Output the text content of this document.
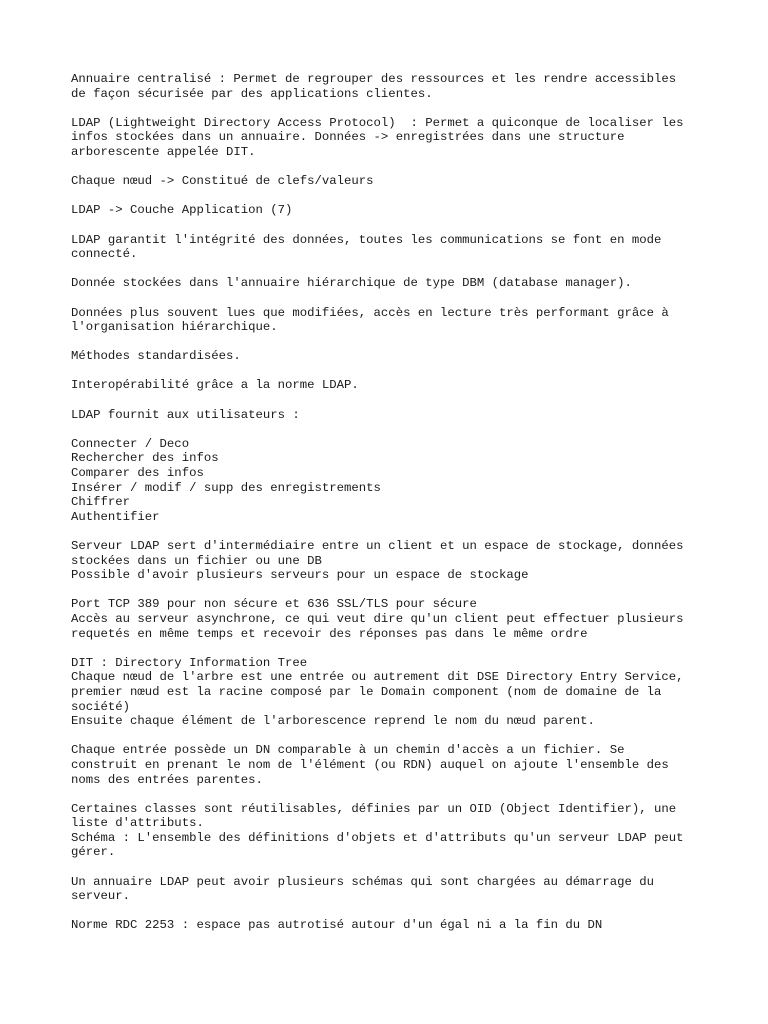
Annuaire centralisé : Permet de regrouper des ressources et les rendre accessibles
de façon sécurisée par des applications clientes.
LDAP (Lightweight Directory Access Protocol)  : Permet a quiconque de localiser les
infos stockées dans un annuaire. Données -> enregistrées dans une structure
arborescente appelée DIT.
Chaque nœud -> Constitué de clefs/valeurs
LDAP -> Couche Application (7)
LDAP garantit l'intégrité des données, toutes les communications se font en mode
connecté.
Donnée stockées dans l'annuaire hiérarchique de type DBM (database manager).
Données plus souvent lues que modifiées, accès en lecture très performant grâce à
l'organisation hiérarchique.
Méthodes standardisées.
Interopérabilité grâce a la norme LDAP.
LDAP fournit aux utilisateurs :
Connecter / Deco
Rechercher des infos
Comparer des infos
Insérer / modif / supp des enregistrements
Chiffrer
Authentifier
Serveur LDAP sert d'intermédiaire entre un client et un espace de stockage, données
stockées dans un fichier ou une DB
Possible d'avoir plusieurs serveurs pour un espace de stockage
Port TCP 389 pour non sécure et 636 SSL/TLS pour sécure
Accès au serveur asynchrone, ce qui veut dire qu'un client peut effectuer plusieurs
requetés en même temps et recevoir des réponses pas dans le même ordre
DIT : Directory Information Tree
Chaque nœud de l'arbre est une entrée ou autrement dit DSE Directory Entry Service,
premier nœud est la racine composé par le Domain component (nom de domaine de la
société)
Ensuite chaque élément de l'arborescence reprend le nom du nœud parent.
Chaque entrée possède un DN comparable à un chemin d'accès a un fichier. Se
construit en prenant le nom de l'élément (ou RDN) auquel on ajoute l'ensemble des
noms des entrées parentes.
Certaines classes sont réutilisables, définies par un OID (Object Identifier), une
liste d'attributs.
Schéma : L'ensemble des définitions d'objets et d'attributs qu'un serveur LDAP peut
gérer.
Un annuaire LDAP peut avoir plusieurs schémas qui sont chargées au démarrage du
serveur.
Norme RDC 2253 : espace pas autrotisé autour d'un égal ni a la fin du DN
